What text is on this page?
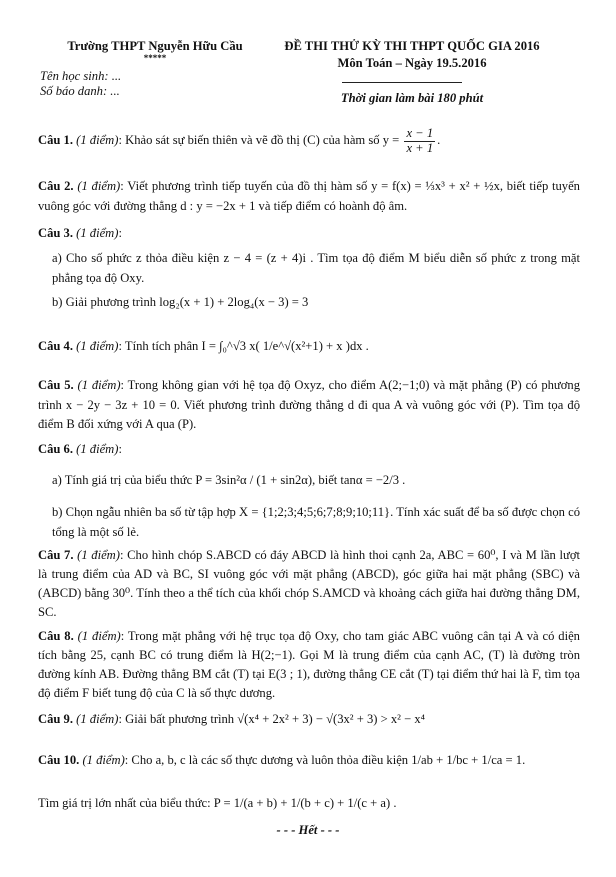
Trường THPT Nguyễn Hữu Cầu
*****
Tên học sinh: ...
Số báo danh: ...
ĐỀ THI THỬ KỲ THI THPT QUỐC GIA 2016
Môn Toán – Ngày 19.5.2016
Thời gian làm bài 180 phút
Câu 1. (1 điểm): Khảo sát sự biến thiên và vẽ đồ thị (C) của hàm số $y = \frac{x - 1}{x + 1}$ .
Câu 2. (1 điểm): Viết phương trình tiếp tuyến của đồ thị hàm số y = f(x) = ⅓x³ + x² + ½x, biết tiếp tuyến vuông góc với đường thẳng d : y = −2x + 1 và tiếp điểm có hoành độ âm.
Câu 3. (1 điểm):
a) Cho số phức z thỏa điều kiện z − 4 = (z + 4)i . Tìm tọa độ điểm M biểu diễn số phức z trong mặt phẳng tọa độ Oxy.
b) Giải phương trình log₂(x + 1) + 2log₄(x − 3) = 3
Câu 4. (1 điểm): Tính tích phân I = ∫₀^√3 x( 1/e^√(x²+1) + x )dx .
Câu 5. (1 điểm): Trong không gian với hệ tọa độ Oxyz, cho điểm A(2;−1;0) và mặt phẳng (P) có phương trình x − 2y − 3z + 10 = 0. Viết phương trình đường thẳng d đi qua A và vuông góc với (P). Tìm tọa độ điểm B đối xứng với A qua (P).
Câu 6. (1 điểm):
a) Tính giá trị của biểu thức P = 3sin²α / (1 + sin2α), biết tanα = −2/3 .
b) Chọn ngẫu nhiên ba số từ tập hợp X = {1;2;3;4;5;6;7;8;9;10;11}. Tính xác suất để ba số được chọn có tổng là một số lẻ.
Câu 7. (1 điểm): Cho hình chóp S.ABCD có đáy ABCD là hình thoi cạnh 2a, ABC = 60⁰, I và M lần lượt là trung điểm của AD và BC, SI vuông góc với mặt phẳng (ABCD), góc giữa hai mặt phẳng (SBC) và (ABCD) bằng 30⁰. Tính theo a thể tích của khối chóp S.AMCD và khoảng cách giữa hai đường thẳng DM, SC.
Câu 8. (1 điểm): Trong mặt phẳng với hệ trục tọa độ Oxy, cho tam giác ABC vuông cân tại A và có diện tích bằng 25, cạnh BC có trung điểm là H(2;−1). Gọi M là trung điểm của cạnh AC, (T) là đường tròn đường kính AB. Đường thẳng BM cắt (T) tại E(3 ; 1), đường thẳng CE cắt (T) tại điểm thứ hai là F, tìm tọa độ điểm F biết tung độ của C là số thực dương.
Câu 9. (1 điểm): Giải bất phương trình √(x⁴ + 2x² + 3) − √(3x² + 3) > x² − x⁴
Câu 10. (1 điểm): Cho a, b, c là các số thực dương và luôn thỏa điều kiện 1/ab + 1/bc + 1/ca = 1.
Tìm giá trị lớn nhất của biểu thức: P = 1/(a + b) + 1/(b + c) + 1/(c + a) .
- - - Hết - - -
